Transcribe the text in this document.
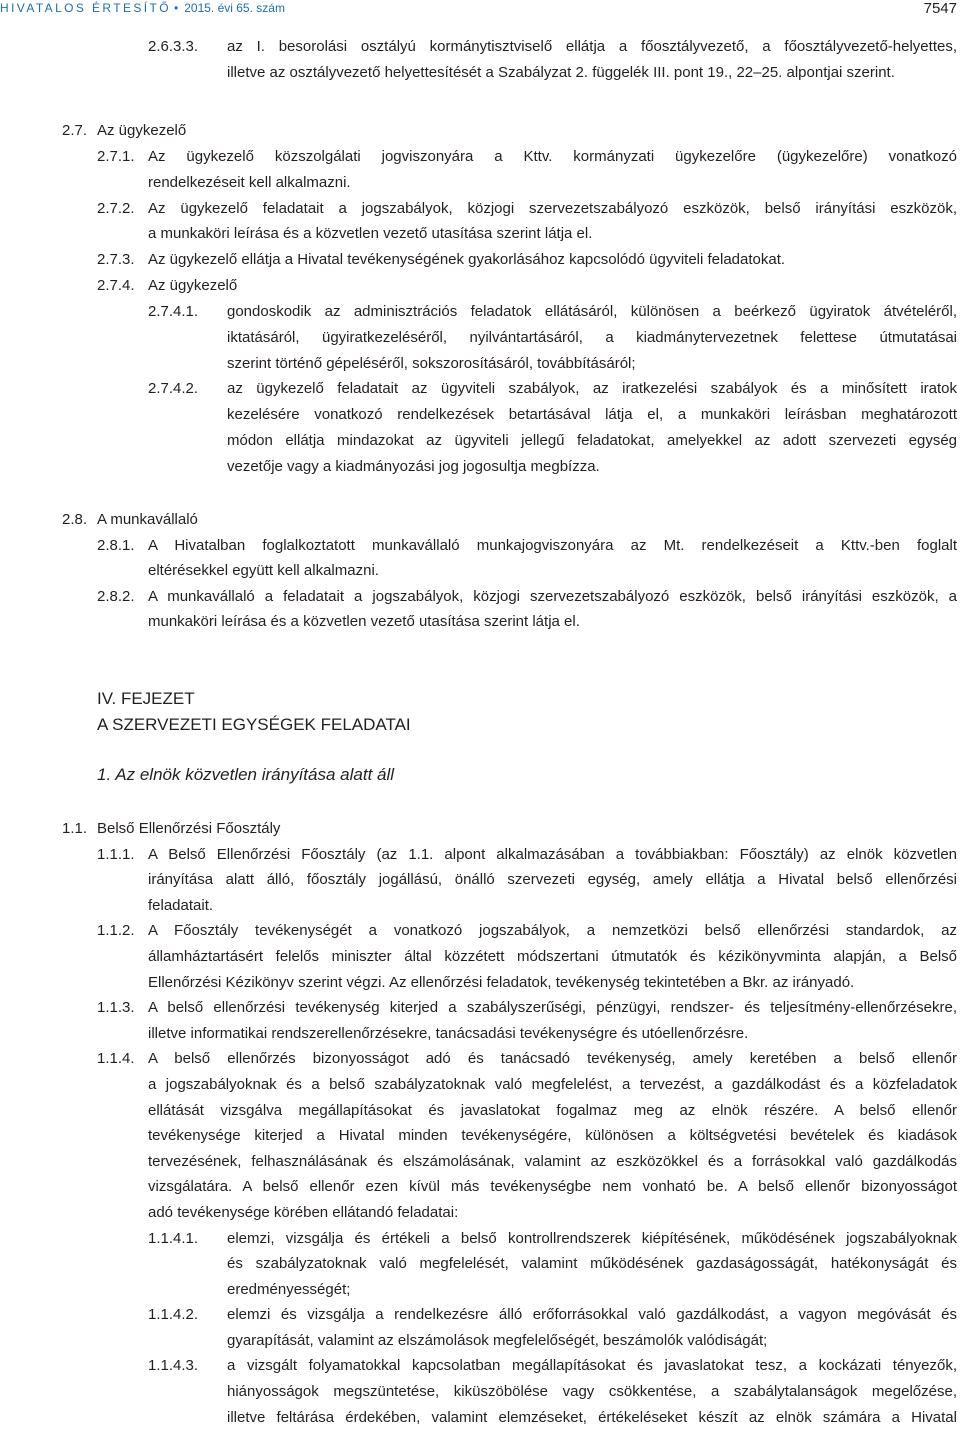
HIVATALOS ÉRTESÍTŐ • 2015. évi 65. szám	7547
2.6.3.3. az I. besorolási osztályú kormánytisztviselő ellátja a főosztályvezető, a főosztályvezető-helyettes,
illetve az osztályvezető helyettesítését a Szabályzat 2. függelék III. pont 19., 22–25. alpontjai szerint.
2.7. Az ügykezelő
2.7.1. Az ügykezelő közszolgálati jogviszonyára a Kttv. kormányzati ügykezelőre (ügykezelőre) vonatkozó
rendelkezéseit kell alkalmazni.
2.7.2. Az ügykezelő feladatait a jogszabályok, közjogi szervezetszabályozó eszközök, belső irányítási eszközök,
a munkaköri leírása és a közvetlen vezető utasítása szerint látja el.
2.7.3. Az ügykezelő ellátja a Hivatal tevékenységének gyakorlásához kapcsolódó ügyviteli feladatokat.
2.7.4. Az ügykezelő
2.7.4.1. gondoskodik az adminisztrációs feladatok ellátásáról, különösen a beérkező ügyiratok átvételéről,
iktatásáról, ügyiratkezeléséről, nyilvántartásáról, a kiadmánytervezetnek felettese útmutatásai
szerint történő gépeléséről, sokszorosításáról, továbbításáról;
2.7.4.2. az ügykezelő feladatait az ügyviteli szabályok, az iratkezelési szabályok és a minősített iratok
kezelésére vonatkozó rendelkezések betartásával látja el, a munkaköri leírásban meghatározott
módon ellátja mindazokat az ügyviteli jellegű feladatokat, amelyekkel az adott szervezeti egység
vezetője vagy a kiadmányozási jog jogosultja megbízza.
2.8. A munkavállaló
2.8.1. A Hivatalban foglalkoztatott munkavállaló munkajogviszonyára az Mt. rendelkezéseit a Kttv.-ben foglalt
eltérésekkel együtt kell alkalmazni.
2.8.2. A munkavállaló a feladatait a jogszabályok, közjogi szervezetszabályozó eszközök, belső irányítási eszközök, a
munkaköri leírása és a közvetlen vezető utasítása szerint látja el.
IV. FEJEZET
A SZERVEZETI EGYSÉGEK FELADATAI
1. Az elnök közvetlen irányítása alatt áll
1.1. Belső Ellenőrzési Főosztály
1.1.1. A Belső Ellenőrzési Főosztály (az 1.1. alpont alkalmazásában a továbbiakban: Főosztály) az elnök közvetlen
irányítása alatt álló, főosztály jogállású, önálló szervezeti egység, amely ellátja a Hivatal belső ellenőrzési
feladatait.
1.1.2. A Főosztály tevékenységét a vonatkozó jogszabályok, a nemzetközi belső ellenőrzési standardok, az
államháztartásért felelős miniszter által közzétett módszertani útmutatók és kézikönyvminta alapján, a Belső
Ellenőrzési Kézikönyv szerint végzi. Az ellenőrzési feladatok, tevékenység tekintetében a Bkr. az irányadó.
1.1.3. A belső ellenőrzési tevékenység kiterjed a szabályszerűségi, pénzügyi, rendszer- és teljesítmény-ellenőrzésekre,
illetve informatikai rendszerellenőrzésekre, tanácsadási tevékenységre és utóellenőrzésre.
1.1.4. A belső ellenőrzés bizonyosságot adó és tanácsadó tevékenység, amely keretében a belső ellenőr
a jogszabályoknak és a belső szabályzatoknak való megfelelést, a tervezést, a gazdálkodást és a közfeladatok
ellátását vizsgálva megállapításokat és javaslatokat fogalmaz meg az elnök részére. A belső ellenőr
tevékenysége kiterjed a Hivatal minden tevékenységére, különösen a költségvetési bevételek és kiadások
tervezésének, felhasználásának és elszámolásának, valamint az eszközökkel és a forrásokkal való gazdálkodás
vizsgálatára. A belső ellenőr ezen kívül más tevékenységbe nem vonható be. A belső ellenőr bizonyosságot
adó tevékenysége körében ellátandó feladatai:
1.1.4.1. elemzi, vizsgálja és értékeli a belső kontrollrendszerek kiépítésének, működésének jogszabályoknak
és szabályzatoknak való megfelelését, valamint működésének gazdaságosságát, hatékonyságát és
eredményességét;
1.1.4.2. elemzi és vizsgálja a rendelkezésre álló erőforrásokkal való gazdálkodást, a vagyon megóvását és
gyarapítását, valamint az elszámolások megfelelőségét, beszámolók valódiságát;
1.1.4.3. a vizsgált folyamatokkal kapcsolatban megállapításokat és javaslatokat tesz, a kockázati tényezők,
hiányosságok megszüntetése, kiküszöbölése vagy csökkentése, a szabálytalanságok megelőzése,
illetve feltárása érdekében, valamint elemzéseket, értékeléseket készít az elnök számára a Hivatal
